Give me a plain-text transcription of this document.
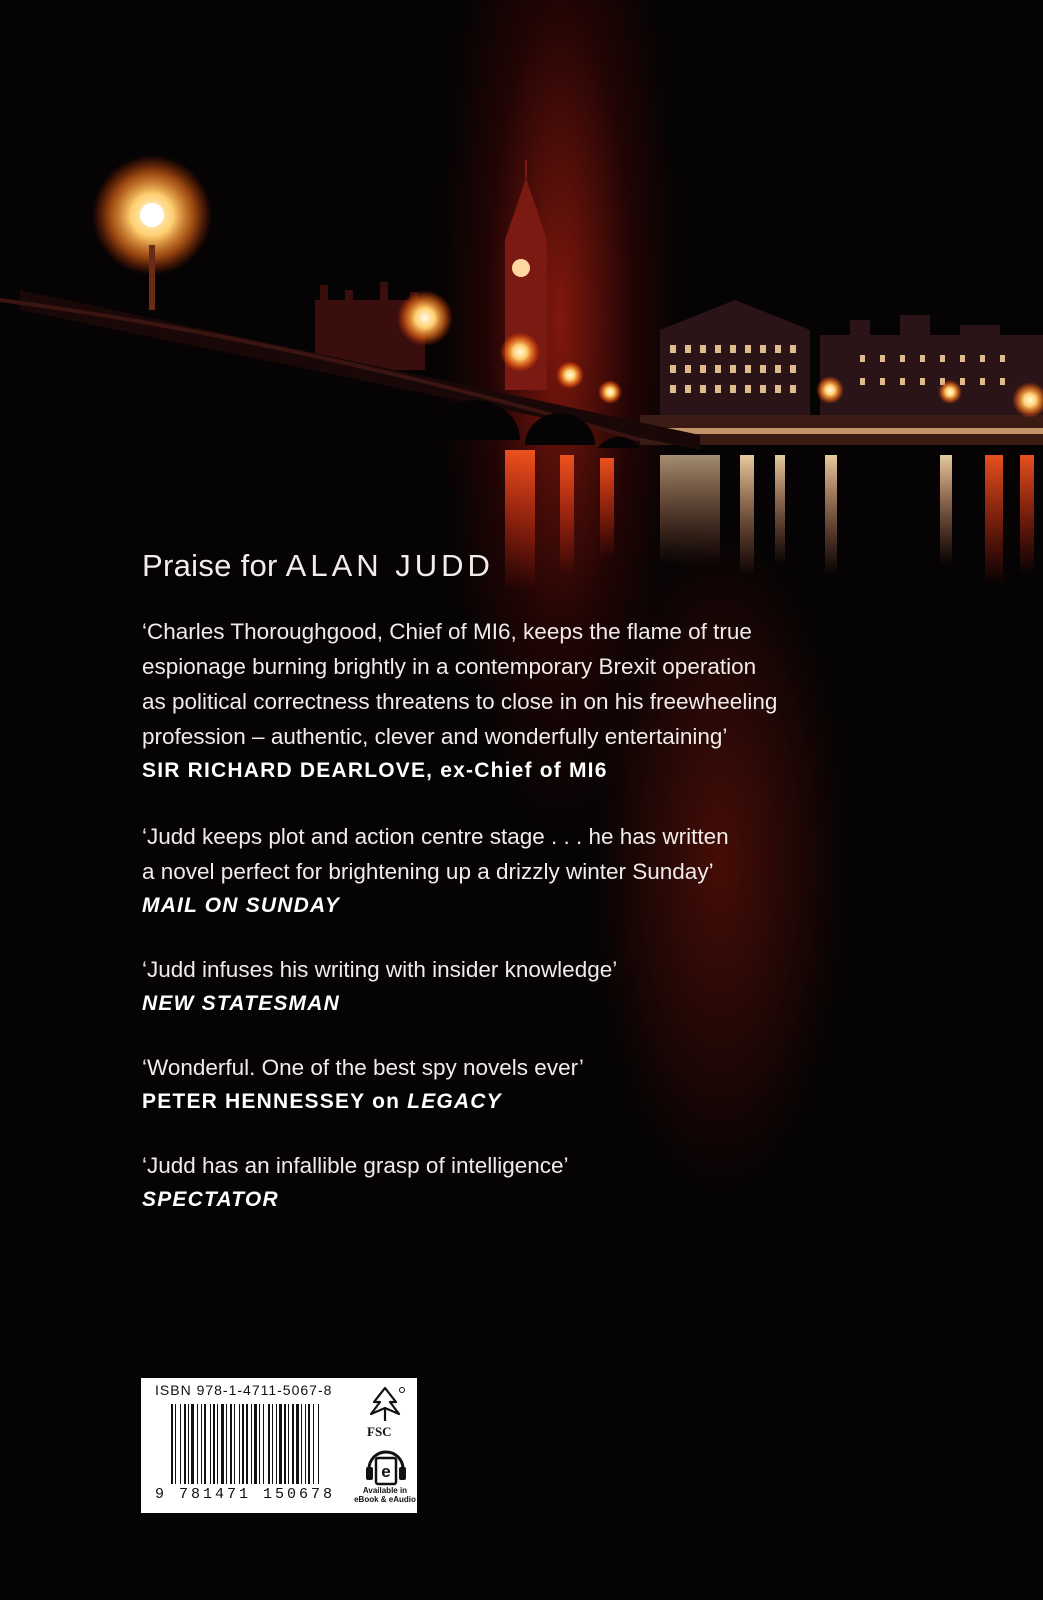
Praise for ALAN JUDD
‘Charles Thoroughgood, Chief of MI6, keeps the flame of true
espionage burning brightly in a contemporary Brexit operation
as political correctness threatens to close in on his freewheeling
profession – authentic, clever and wonderfully entertaining’
SIR RICHARD DEARLOVE, ex-Chief of MI6
‘Judd keeps plot and action centre stage . . . he has written
a novel perfect for brightening up a drizzly winter Sunday’
MAIL ON SUNDAY
‘Judd infuses his writing with insider knowledge’
NEW STATESMAN
‘Wonderful. One of the best spy novels ever’
PETER HENNESSEY on LEGACY
‘Judd has an infallible grasp of intelligence’
SPECTATOR
ISBN 978-1-4711-5067-8
9 781471 150678
FSC
e
Available in
eBook & eAudio
